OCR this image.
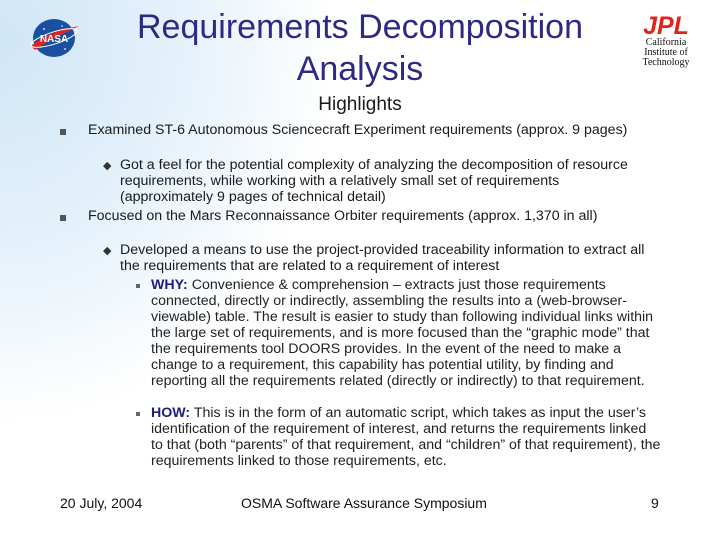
NASA	JPL
California
Institute of
Technology
Requirements Decomposition
Analysis
Highlights
Examined ST-6 Autonomous Sciencecraft Experiment requirements (approx. 9 pages)
◆ Got a feel for the potential complexity of analyzing the decomposition of resource requirements, while working with a relatively small set of requirements (approximately 9 pages of technical detail)
Focused on the Mars Reconnaissance Orbiter requirements (approx. 1,370 in all)
◆ Developed a means to use the project-provided traceability information to extract all the requirements that are related to a requirement of interest
WHY: Convenience & comprehension – extracts just those requirements connected, directly or indirectly, assembling the results into a (web-browser-viewable) table. The result is easier to study than following individual links within the large set of requirements, and is more focused than the “graphic mode” that the requirements tool DOORS provides. In the event of the need to make a change to a requirement, this capability has potential utility, by finding and reporting all the requirements related (directly or indirectly) to that requirement.
HOW: This is in the form of an automatic script, which takes as input the user’s identification of the requirement of interest, and returns the requirements linked to that (both “parents” of that requirement, and “children” of that requirement), the requirements linked to those requirements, etc.
20 July, 2004	OSMA Software Assurance Symposium	9
